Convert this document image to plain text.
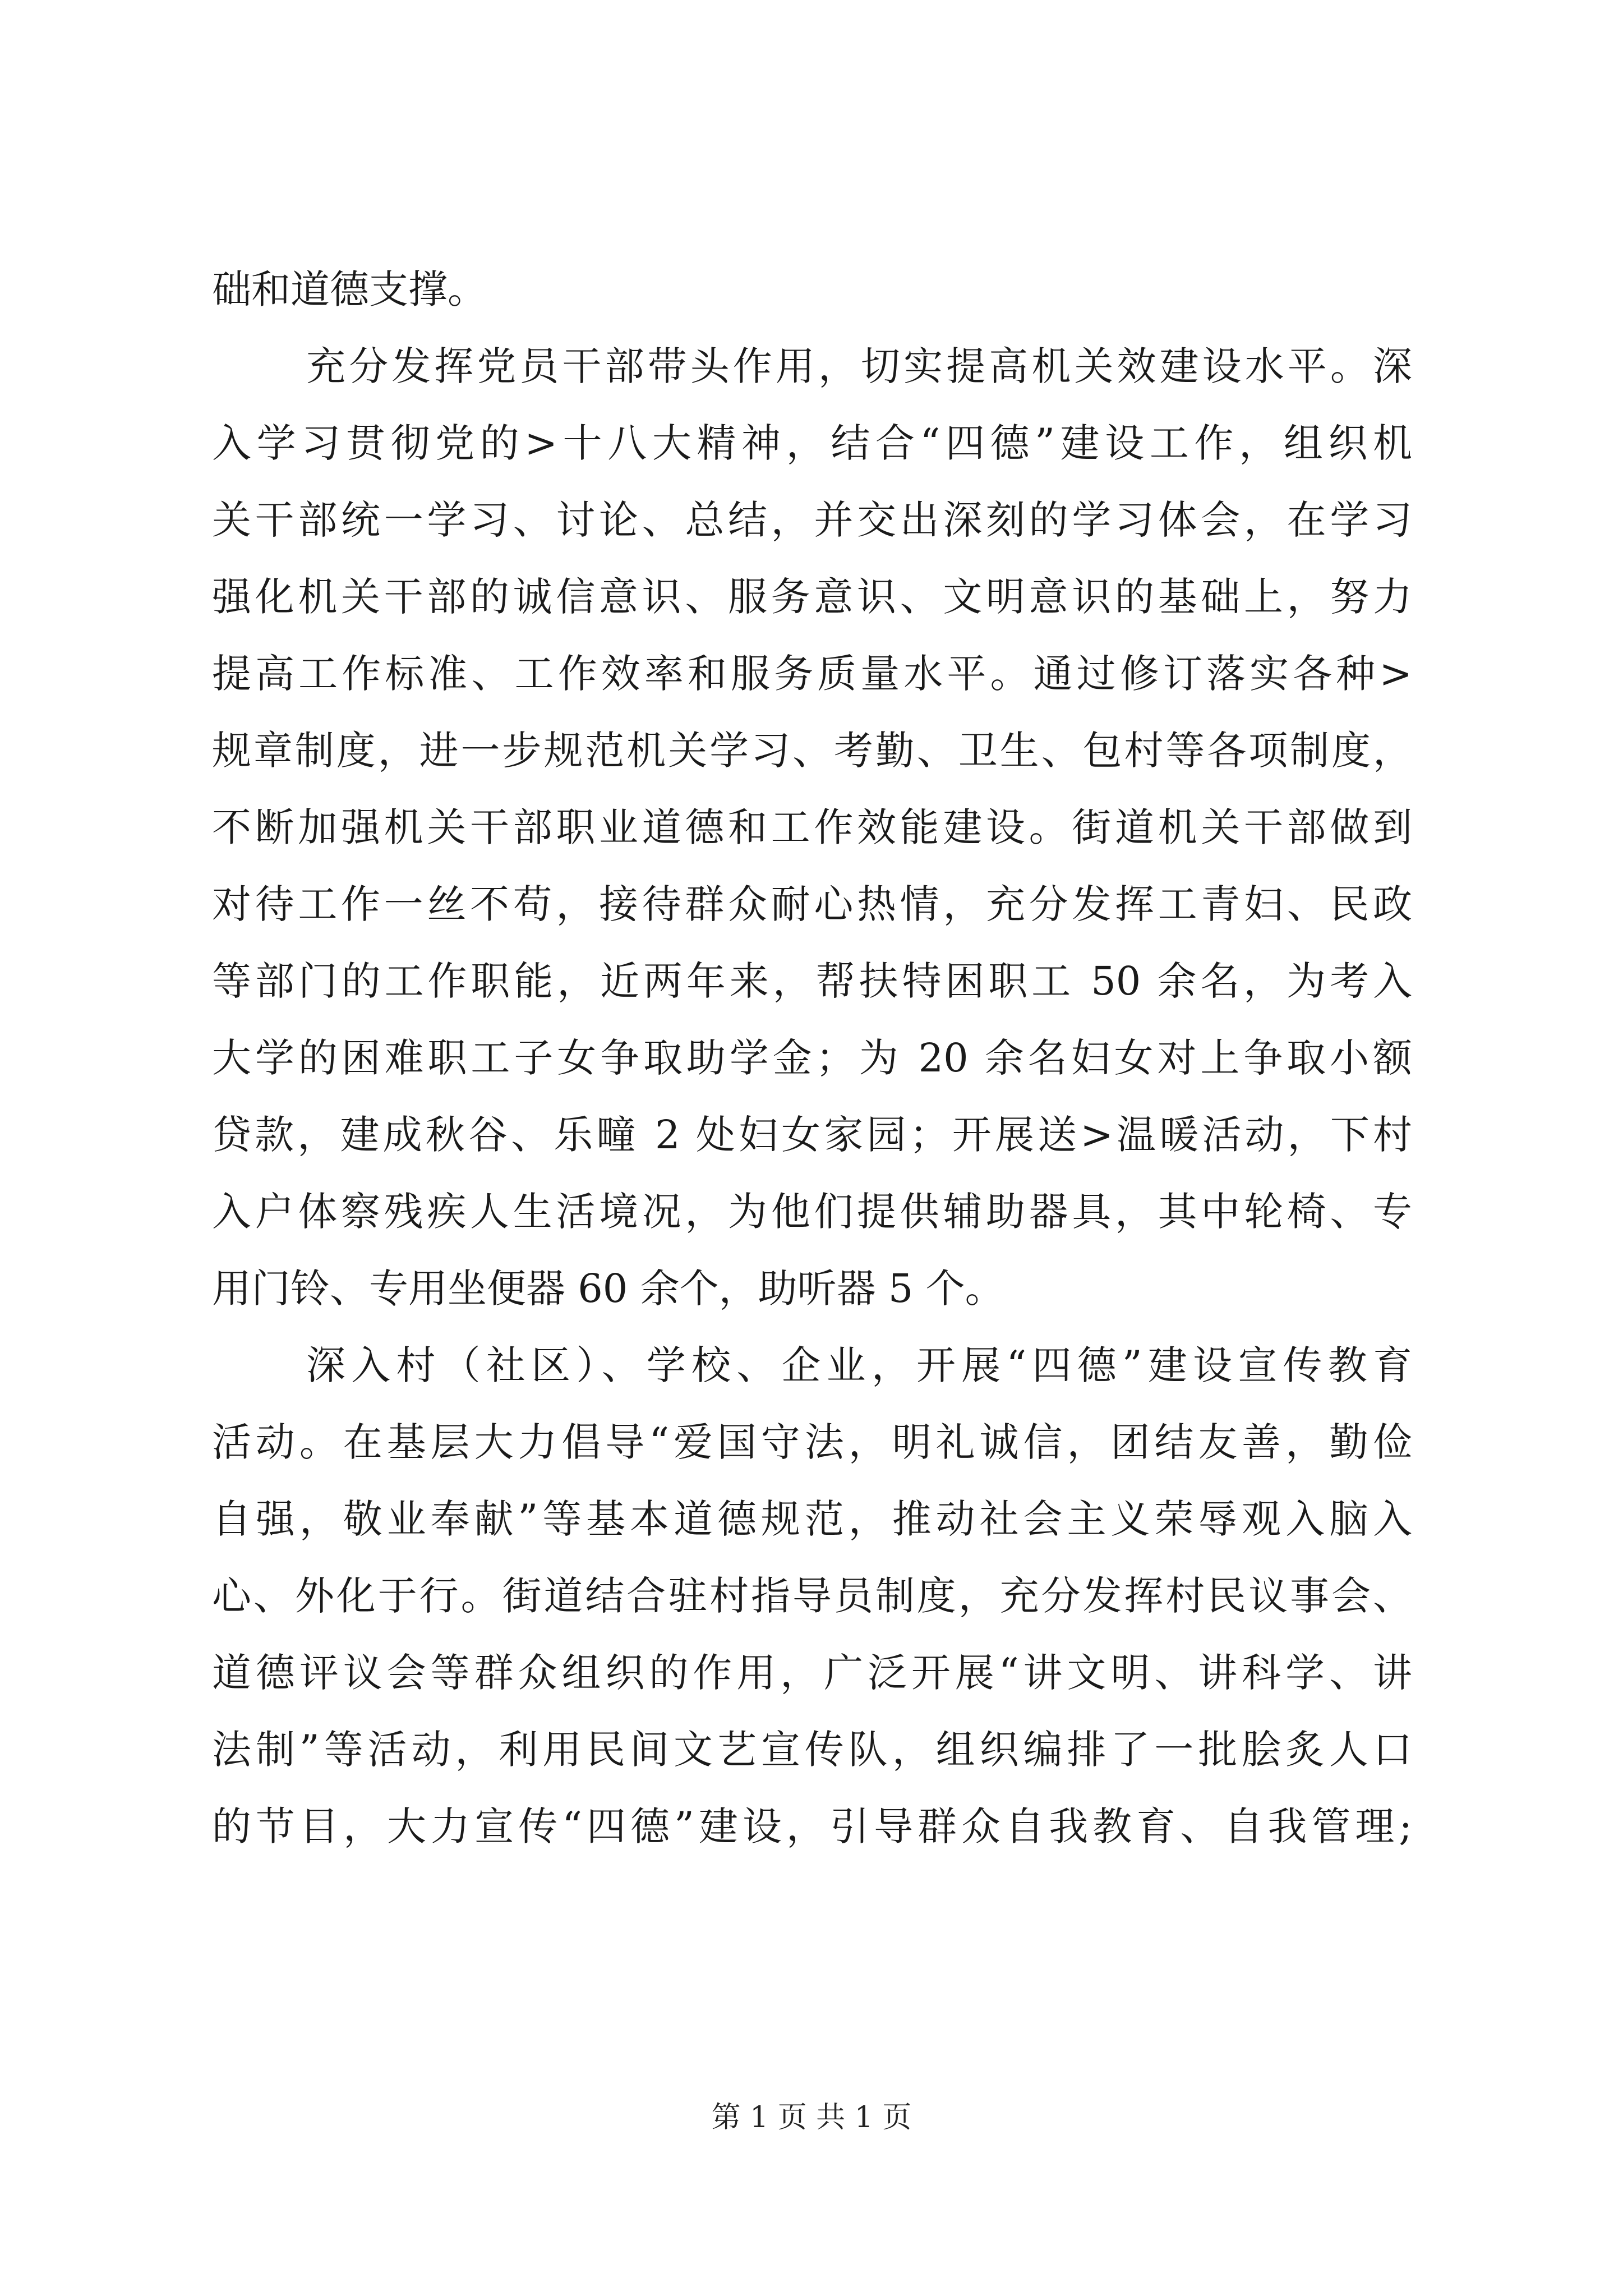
础和道德支撑。
充分发挥党员干部带头作用，切实提高机关效建设水平。深
入学习贯彻党的>十八大精神，结合“四德”建设工作，组织机
关干部统一学习、讨论、总结，并交出深刻的学习体会，在学习
强化机关干部的诚信意识、服务意识、文明意识的基础上，努力
提高工作标准、工作效率和服务质量水平。通过修订落实各种>
规章制度，进一步规范机关学习、考勤、卫生、包村等各项制度，
不断加强机关干部职业道德和工作效能建设。街道机关干部做到
对待工作一丝不苟，接待群众耐心热情，充分发挥工青妇、民政
等部门的工作职能，近两年来，帮扶特困职工 50 余名，为考入
大学的困难职工子女争取助学金；为 20 余名妇女对上争取小额
贷款，建成秋谷、乐疃 2 处妇女家园；开展送>温暖活动，下村
入户体察残疾人生活境况，为他们提供辅助器具，其中轮椅、专
用门铃、专用坐便器 60 余个，助听器 5 个。
深入村（社区）、学校、企业，开展“四德”建设宣传教育
活动。在基层大力倡导“爱国守法，明礼诚信，团结友善，勤俭
自强，敬业奉献”等基本道德规范，推动社会主义荣辱观入脑入
心、外化于行。街道结合驻村指导员制度，充分发挥村民议事会、
道德评议会等群众组织的作用，广泛开展“讲文明、讲科学、讲
法制”等活动，利用民间文艺宣传队，组织编排了一批脍炙人口
的节目，大力宣传“四德”建设，引导群众自我教育、自我管理;
第 1 页 共 1 页
